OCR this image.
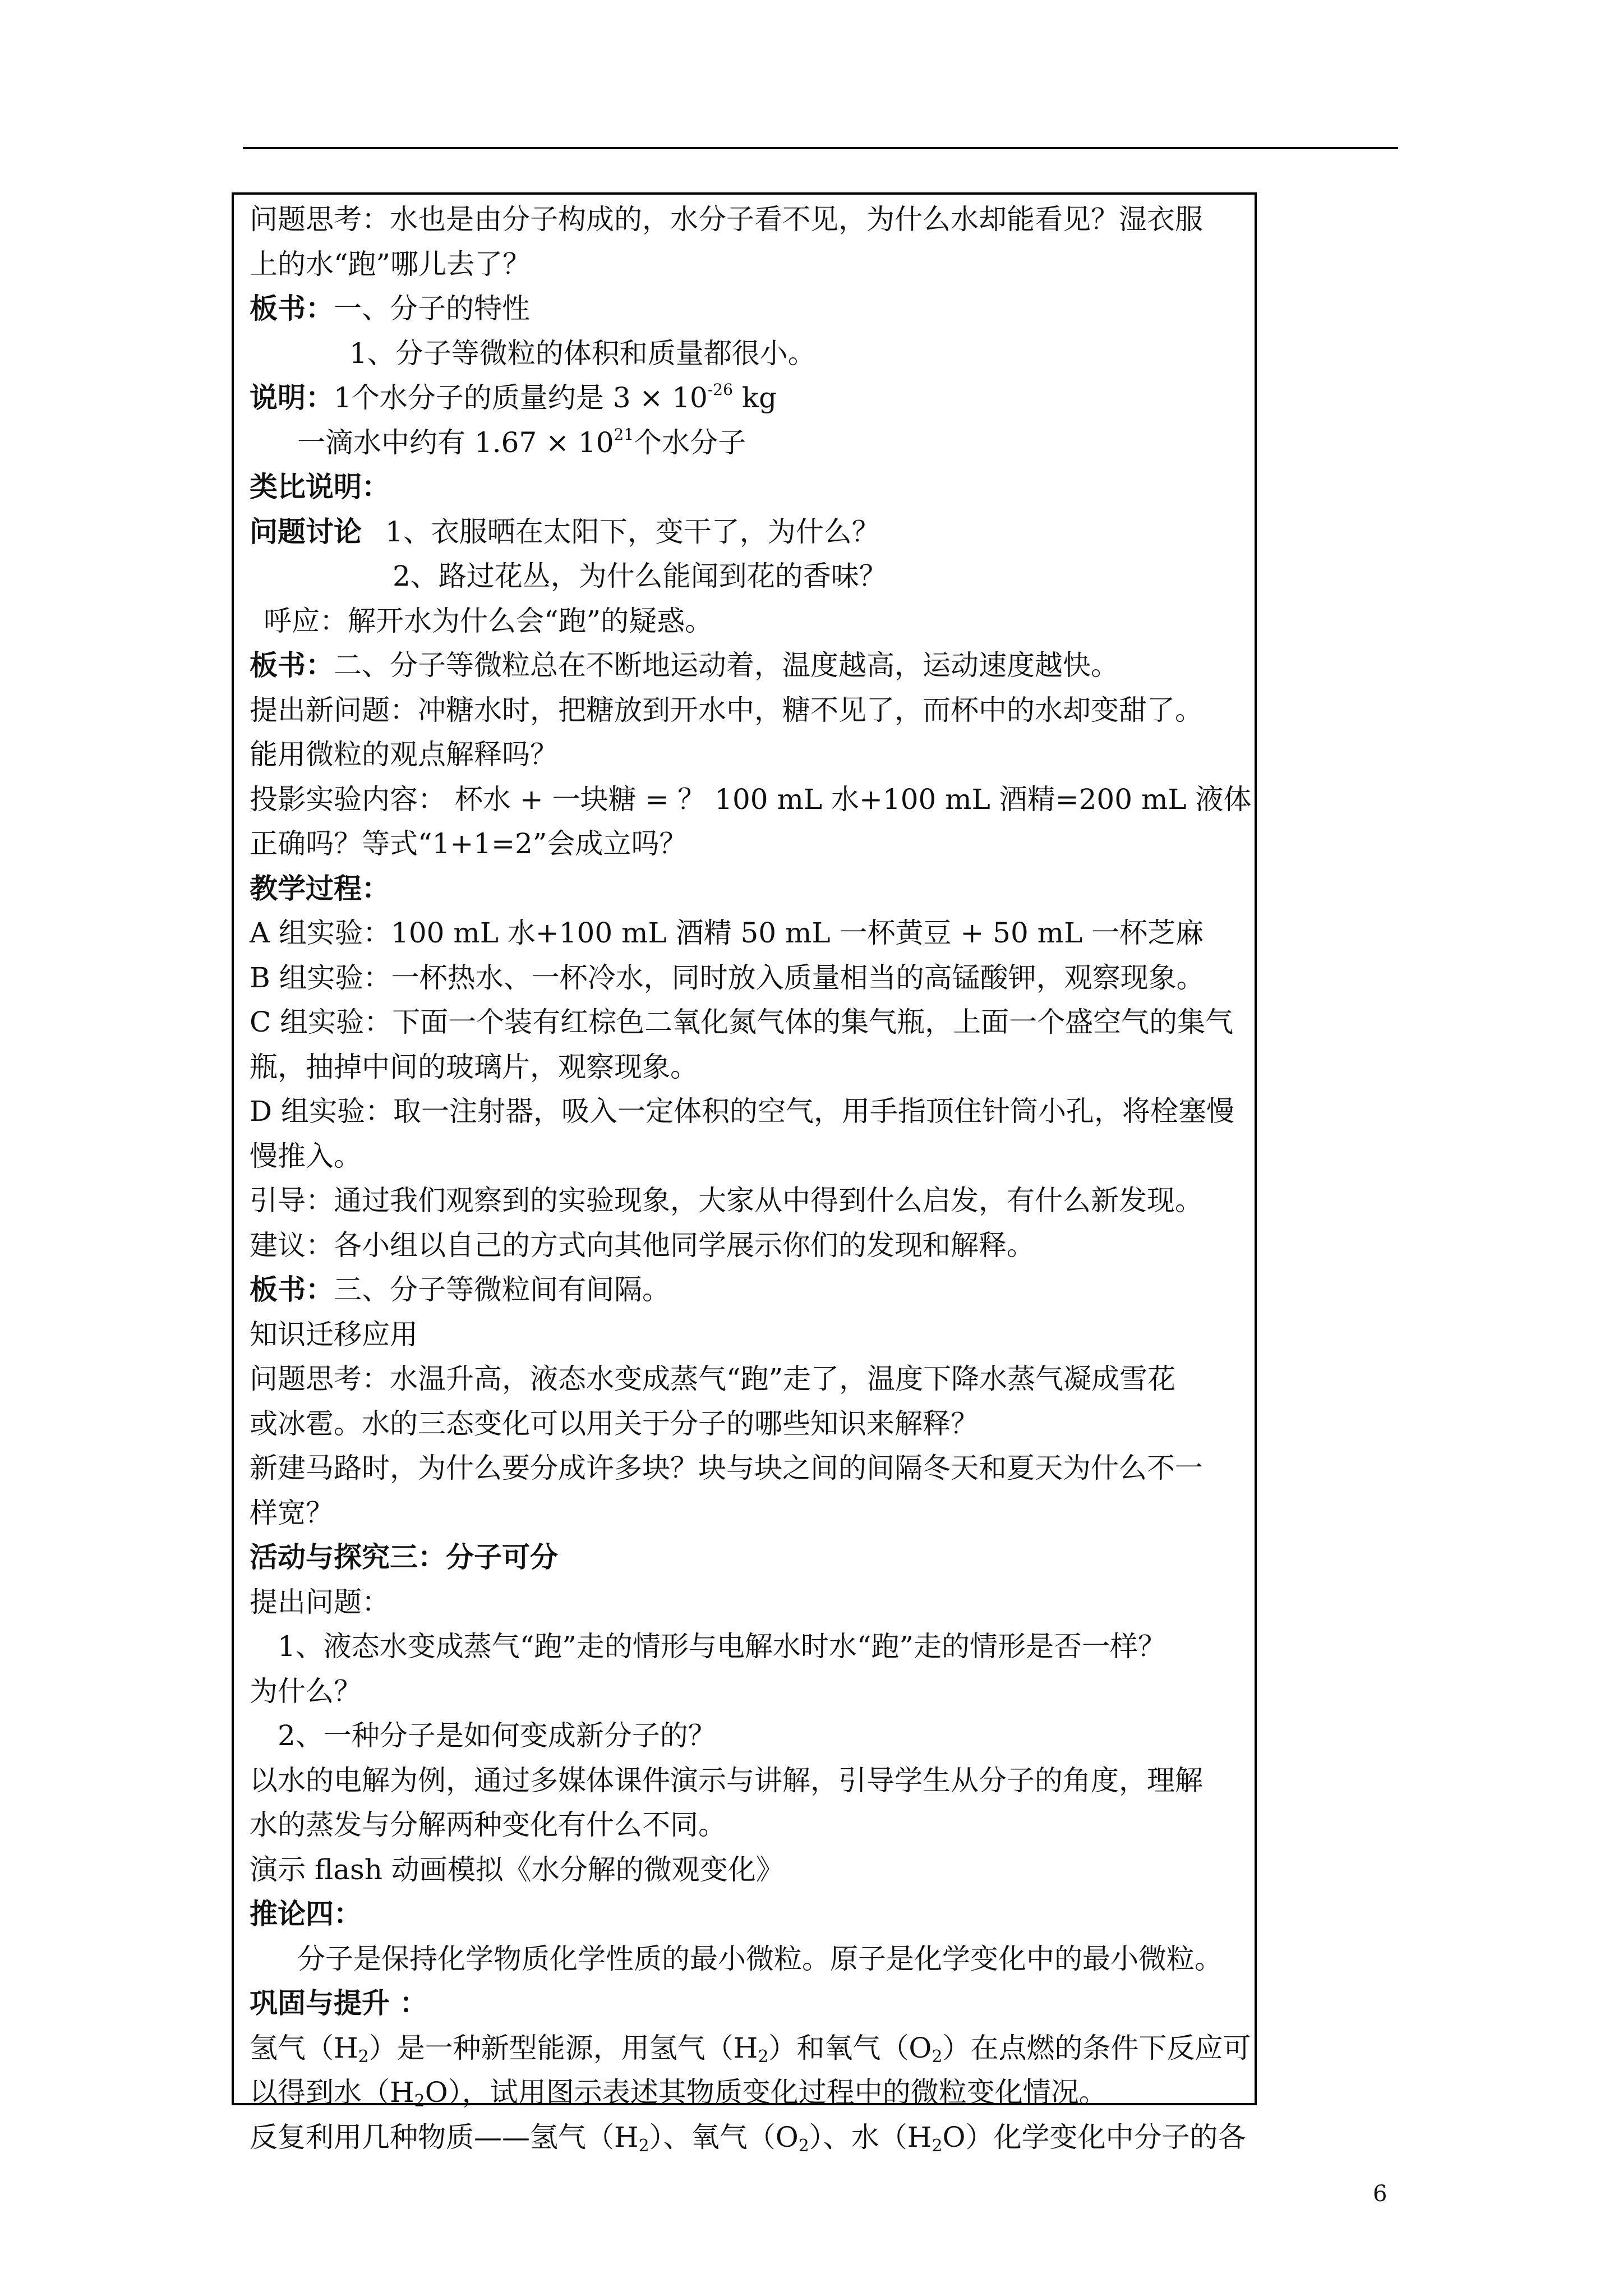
问题思考：水也是由分子构成的，水分子看不见，为什么水却能看见？湿衣服
上的水“跑”哪儿去了？
板书：一、分子的特性
1、分子等微粒的体积和质量都很小。
说明：1个水分子的质量约是 $3 \times 10^{-26}$ kg
一滴水中约有 $1.67 \times 10^{21}$个水分子
类比说明：
问题讨论 1、衣服晒在太阳下，变干了，为什么？
2、路过花丛，为什么能闻到花的香味？
呼应：解开水为什么会“跑”的疑惑。
板书：二、分子等微粒总在不断地运动着，温度越高，运动速度越快。
提出新问题：冲糖水时，把糖放到开水中，糖不见了，而杯中的水却变甜了。
能用微粒的观点解释吗？
投影实验内容： 杯水 + 一块糖 = ？ 100 mL 水+100 mL 酒精=200 mL 液体
正确吗？等式“1+1=2”会成立吗？
教学过程：
A 组实验：100 mL 水+100 mL 酒精 50 mL 一杯黄豆 + 50 mL 一杯芝麻
B 组实验：一杯热水、一杯冷水，同时放入质量相当的高锰酸钾，观察现象。
C 组实验：下面一个装有红棕色二氧化氮气体的集气瓶，上面一个盛空气的集气
瓶，抽掉中间的玻璃片，观察现象。
D 组实验：取一注射器，吸入一定体积的空气，用手指顶住针筒小孔，将栓塞慢
慢推入。
引导：通过我们观察到的实验现象，大家从中得到什么启发，有什么新发现。
建议：各小组以自己的方式向其他同学展示你们的发现和解释。
板书：三、分子等微粒间有间隔。
知识迁移应用
问题思考：水温升高，液态水变成蒸气“跑”走了，温度下降水蒸气凝成雪花
或冰雹。水的三态变化可以用关于分子的哪些知识来解释？
新建马路时，为什么要分成许多块？块与块之间的间隔冬天和夏天为什么不一
样宽？
活动与探究三：分子可分
提出问题：
1、液态水变成蒸气“跑”走的情形与电解水时水“跑”走的情形是否一样？
为什么？
2、一种分子是如何变成新分子的？
以水的电解为例，通过多媒体课件演示与讲解，引导学生从分子的角度，理解
水的蒸发与分解两种变化有什么不同。
演示 flash 动画模拟《水分解的微观变化》
推论四：
分子是保持化学物质化学性质的最小微粒。原子是化学变化中的最小微粒。
巩固与提升 ：
氢气$(H_2)$是一种新型能源，用氢气$(H_2)$和氧气$(O_2)$在点燃的条件下反应可
以得到水$(H_2O)$，试用图示表述其物质变化过程中的微粒变化情况。
反复利用几种物质——氢气$(H_2)$、氧气$(O_2)$、水$(H_2O)$化学变化中分子的各
6
